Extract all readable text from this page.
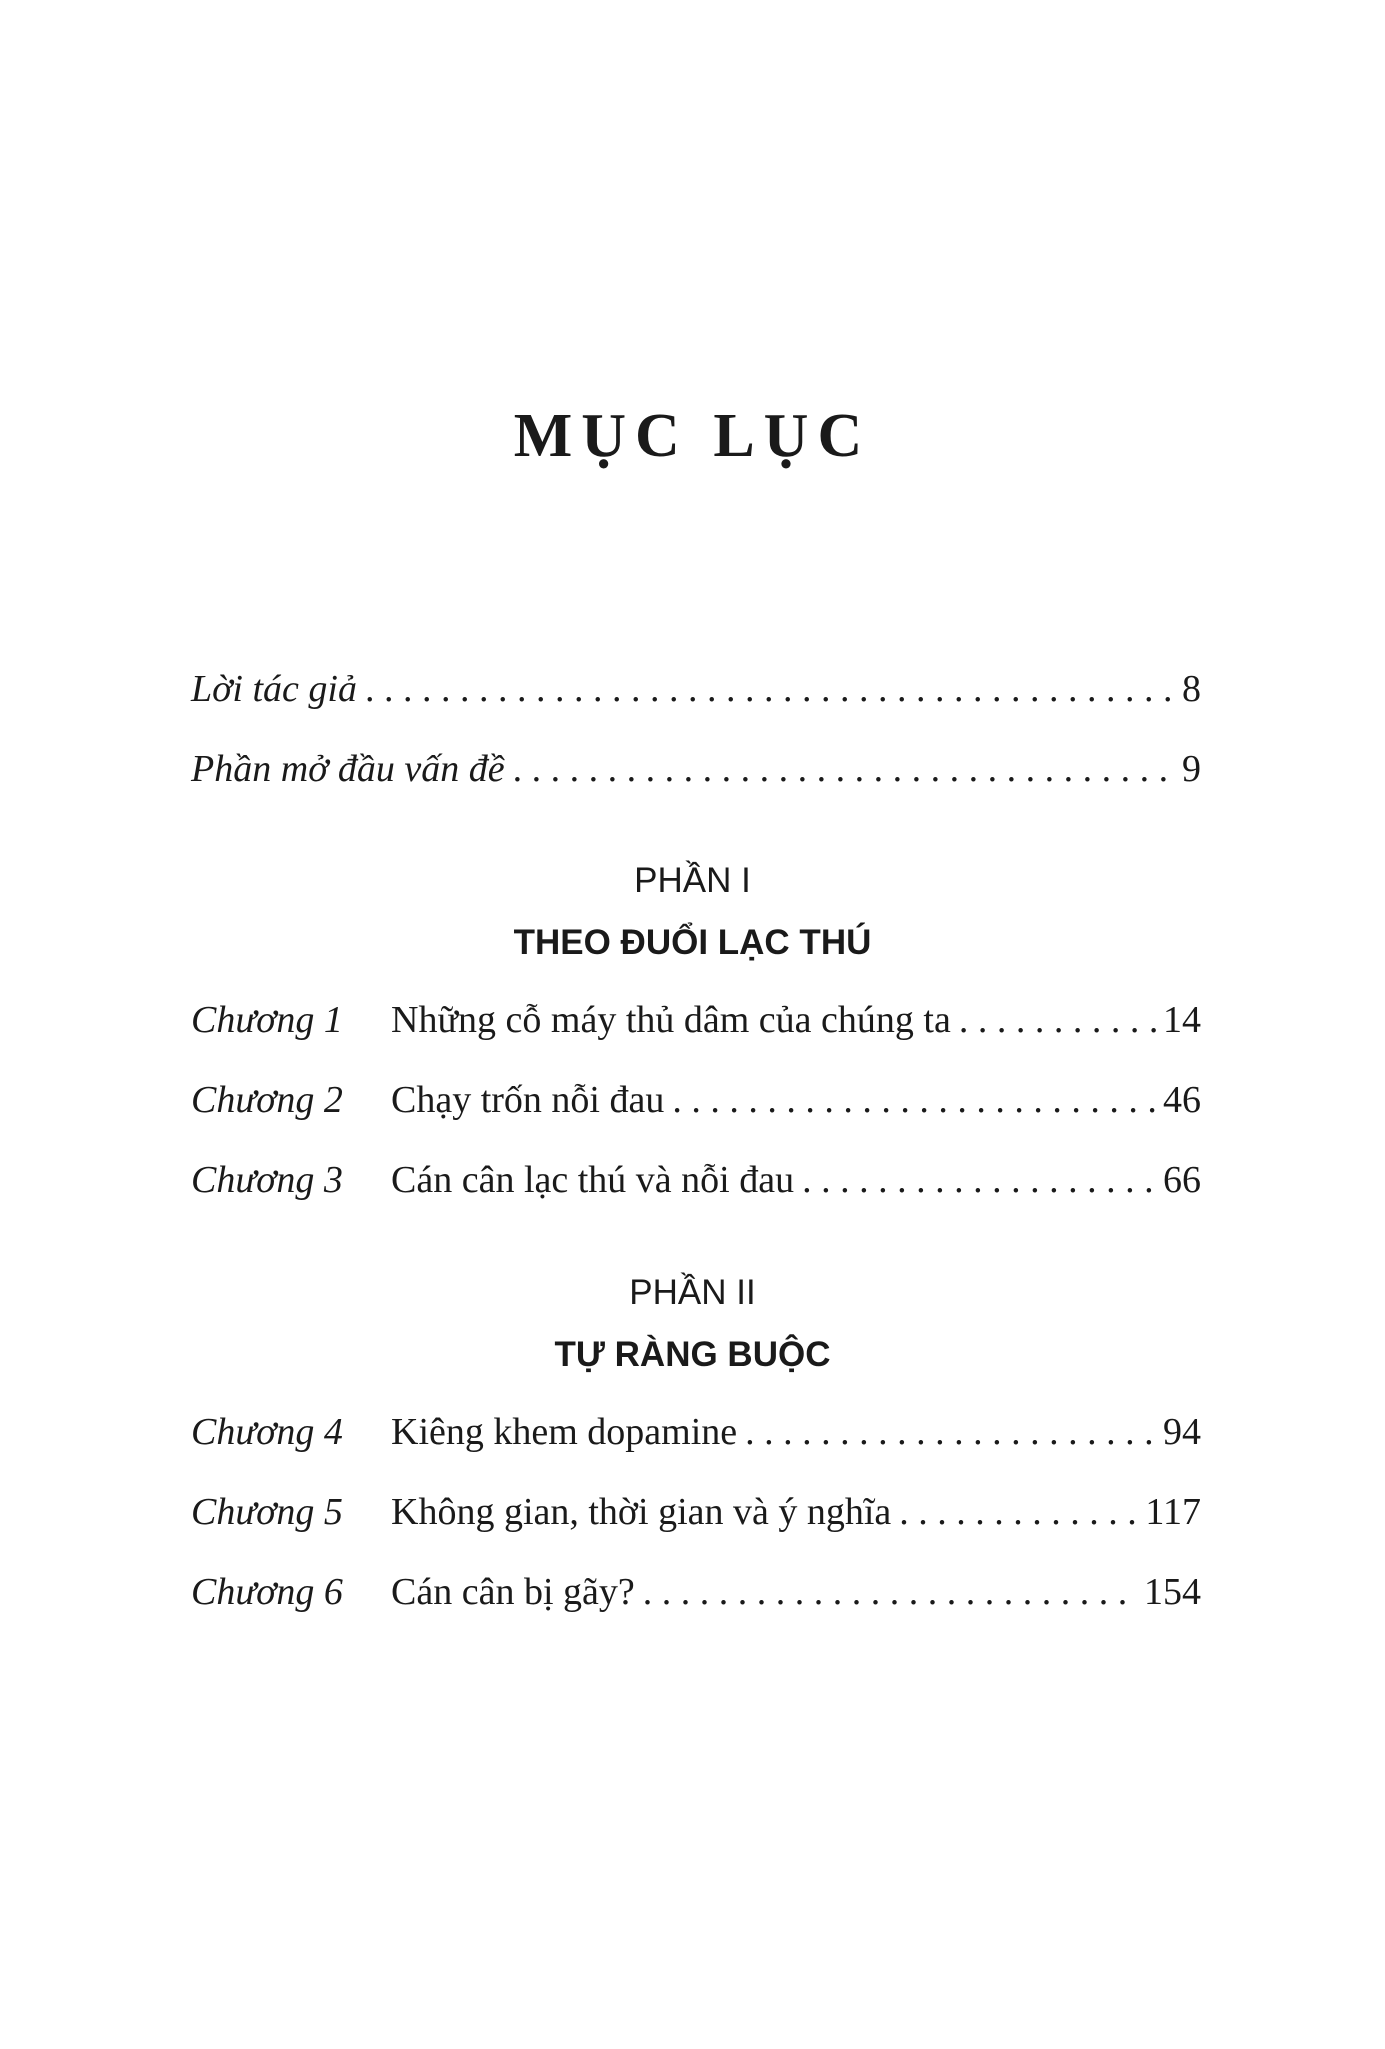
MỤC LỤC
Lời tác giả . . .	8
Phần mở đầu vấn đề . . .	9
PHẦN I
THEO ĐUỔI LẠC THÚ
Chương 1	Những cỗ máy thủ dâm của chúng ta . . .	14
Chương 2	Chạy trốn nỗi đau . . .	46
Chương 3	Cán cân lạc thú và nỗi đau . . .	66
PHẦN II
TỰ RÀNG BUỘC
Chương 4	Kiêng khem dopamine . . .	94
Chương 5	Không gian, thời gian và ý nghĩa . . .	117
Chương 6	Cán cân bị gãy? . . .	154
